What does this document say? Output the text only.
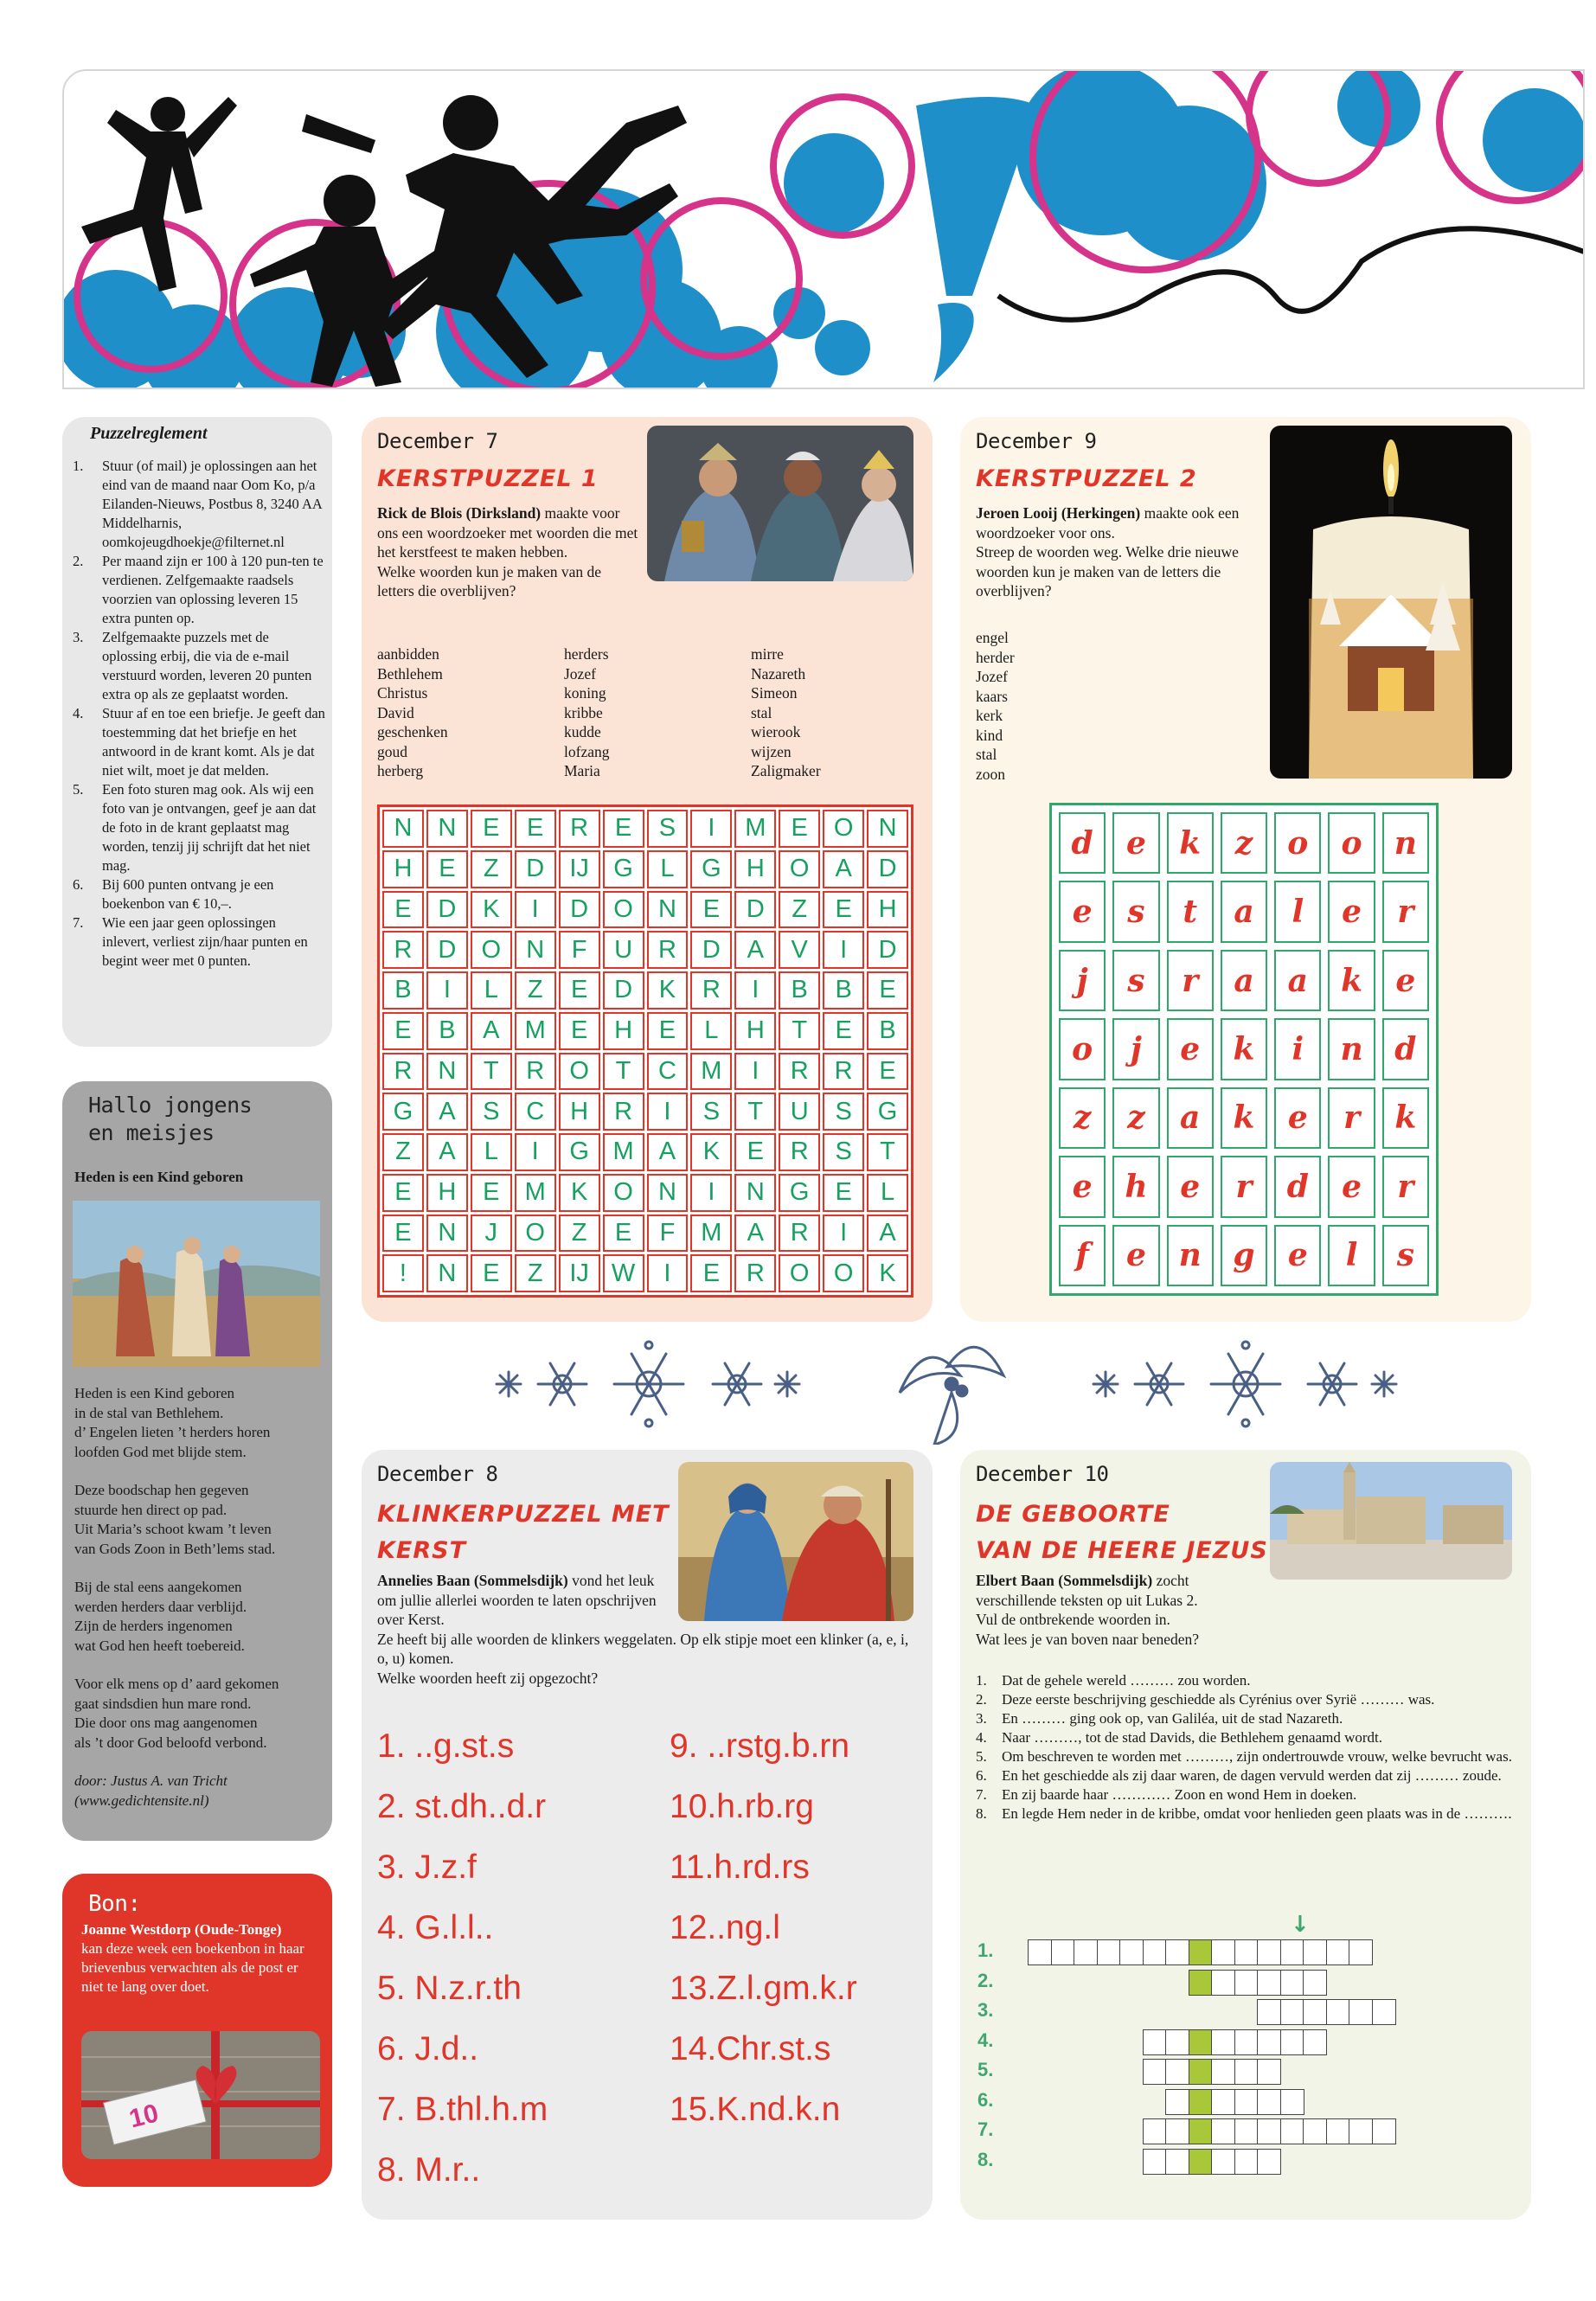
Puzzelreglement
1.	Stuur (of mail) je oplossingen aan het eind van de maand naar Oom Ko, p/a Eilanden-Nieuws, Postbus 8, 3240 AA Middelharnis, oomkojeugdhoekje@filternet.nl
2.	Per maand zijn er 100 à 120 pun-ten te verdienen. Zelfgemaakte raadsels voorzien van oplossing leveren 15 extra punten op.
3.	Zelfgemaakte puzzels met de oplossing erbij, die via de e-mail verstuurd worden, leveren 20 punten extra op als ze geplaatst worden.
4.	Stuur af en toe een briefje. Je geeft dan toestemming dat het briefje en het antwoord in de krant komt. Als je dat niet wilt, moet je dat melden.
5.	Een foto sturen mag ook. Als wij een foto van je ontvangen, geef je aan dat de foto in de krant geplaatst mag worden, tenzij jij schrijft dat het niet mag.
6.	Bij 600 punten ontvang je een boekenbon van € 10,–.
7.	Wie een jaar geen oplossingen inlevert, verliest zijn/haar punten en begint weer met 0 punten.
Hallo jongens
en meisjes
Heden is een Kind geboren
Heden is een Kind geboren
in de stal van Bethlehem.
d’ Engelen lieten ’t herders horen
loofden God met blijde stem.
Deze boodschap hen gegeven
stuurde hen direct op pad.
Uit Maria’s schoot kwam ’t leven
van Gods Zoon in Beth’lems stad.
Bij de stal eens aangekomen
werden herders daar verblijd.
Zijn de herders ingenomen
wat God hen heeft toebereid.
Voor elk mens op d’ aard gekomen
gaat sindsdien hun mare rond.
Die door ons mag aangenomen
als ’t door God beloofd verbond.
door: Justus A. van Tricht
(www.gedichtensite.nl)
Bon:
Joanne Westdorp (Oude-Tonge)
kan deze week een boekenbon in haar brievenbus verwachten als de post er niet te lang over doet.
10
December 7
KERSTPUZZEL 1
Rick de Blois (Dirksland) maakte voor ons een woordzoeker met woorden die met het kerstfeest te maken hebben.
Welke woorden kun je maken van de letters die overblijven?
aanbidden
Bethlehem
Christus
David
geschenken
goud
herberg
herders
Jozef
koning
kribbe
kudde
lofzang
Maria
mirre
Nazareth
Simeon
stal
wierook
wijzen
Zaligmaker
N	N	E	E	R	E	S	I	M	E	O	N
H	E	Z	D	IJ G	L	G	H	O	A	D
E	D	K	I	D	O	N	E	D	Z	E	H
R	D	O	N	F	U	R	D	A	V	I	D
B	I	L	Z	E	D	K	R	I	B	B	E
E	B	A	M	E	H	E	L	H	T	E	B
R	N	T	R	O	T	C M	I	R	R	E
G	A	S	C	H	R	I	S	T	U	S	G
Z	A	L	I	G M	A	K	E	R	S	T
E	H	E	M	K	O	N	I	N	G	E	L
E	N	J	O	Z	E	F	M	A	R	I	A
!	N	E	Z	IJ W	I	E	R	O O	K
December 9
KERSTPUZZEL 2
Jeroen Looij (Herkingen) maakte ook een woordzoeker voor ons.
Streep de woorden weg. Welke drie nieuwe woorden kun je maken van de letters die overblijven?
engel
herder
Jozef
kaars
kerk
kind
stal
zoon
d	e	k	z	o	o	n
e	s	t	a	l	e	r
j	s	r	a	a	k	e
o	j	e	k	i	n	d
z	z	a	k	e	r	k
e	h	e	r	d	e	r
f	e	n	g	e	l	s
December 8
KLINKERPUZZEL MET
KERST
Annelies Baan (Sommelsdijk) vond het leuk om jullie allerlei woorden te laten opschrijven over Kerst.
Ze heeft bij alle woorden de klinkers weggelaten. Op elk stipje moet een klinker (a, e, i, o, u) komen.
Welke woorden heeft zij opgezocht?
1. ..g.st.s
2. st.dh..d.r
3. J.z.f
4. G.l.l..
5. N.z.r.th
6. J.d..
7. B.thl.h.m
8. M.r..
9. ..rstg.b.rn
10.h.rb.rg
11.h.rd.rs
12..ng.l
13.Z.l.gm.k.r
14.Chr.st.s
15.K.nd.k.n
December 10
DE GEBOORTE
VAN DE HEERE JEZUS
Elbert Baan (Sommelsdijk) zocht verschillende teksten op uit Lukas 2.
Vul de ontbrekende woorden in.
Wat lees je van boven naar beneden?
1.	Dat de gehele wereld ……… zou worden.
2.	Deze eerste beschrijving geschiedde als Cyrénius over Syrië ……… was.
3.	En ……… ging ook op, van Galiléa, uit de stad Nazareth.
4.	Naar ………, tot de stad Davids, die Bethlehem genaamd wordt.
5.	Om beschreven te worden met ………, zijn ondertrouwde vrouw, welke bevrucht was.
6.	En het geschiedde als zij daar waren, de dagen vervuld werden dat zij ……… zoude.
7.	En zij baarde haar ………… Zoon en wond Hem in doeken.
8.	En legde Hem neder in de kribbe, omdat voor henlieden geen plaats was in de ……….
1.
2.
3.
4.
5.
6.
7.
8.
↓
